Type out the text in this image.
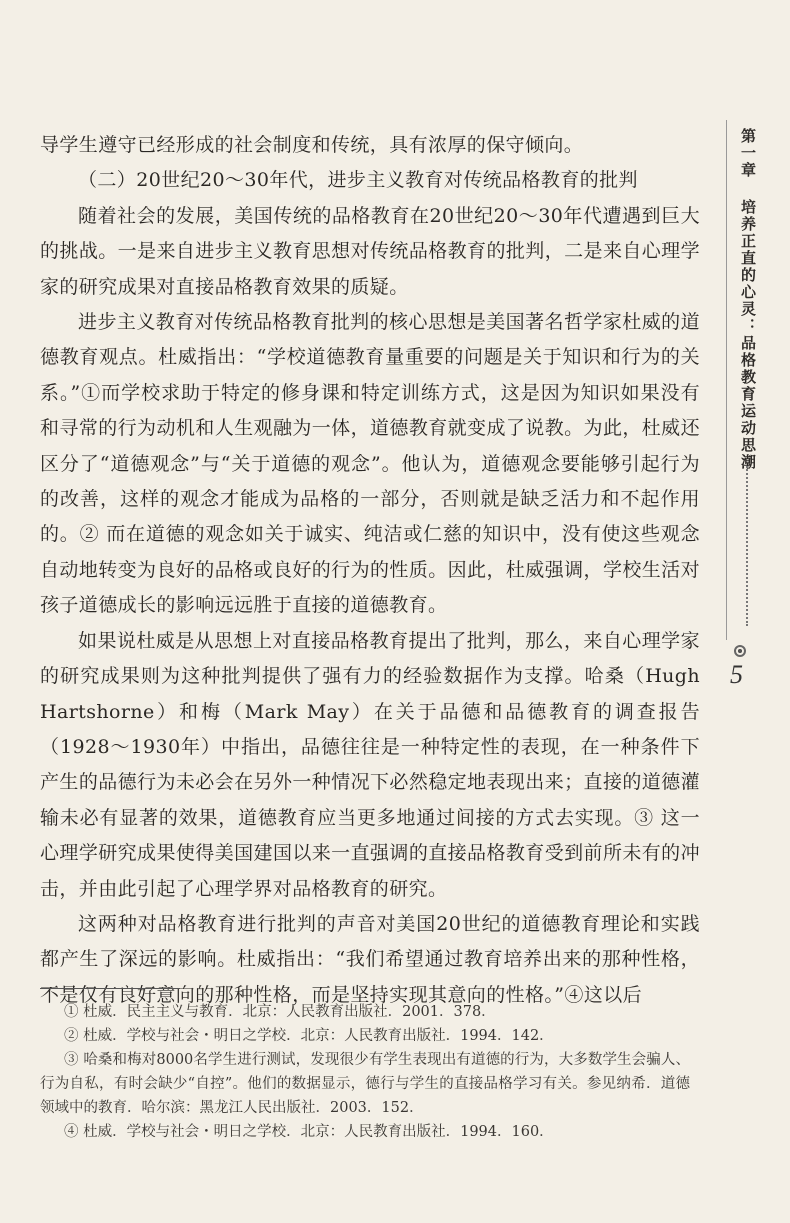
导学生遵守已经形成的社会制度和传统，具有浓厚的保守倾向。

（二）20世纪20～30年代，进步主义教育对传统品格教育的批判

随着社会的发展，美国传统的品格教育在20世纪20～30年代遭遇到巨大的挑战。一是来自进步主义教育思想对传统品格教育的批判，二是来自心理学家的研究成果对直接品格教育效果的质疑。

进步主义教育对传统品格教育批判的核心思想是美国著名哲学家杜威的道德教育观点。杜威指出：“学校道德教育量重要的问题是关于知识和行为的关系。”①而学校求助于特定的修身课和特定训练方式，这是因为知识如果没有和寻常的行为动机和人生观融为一体，道德教育就变成了说教。为此，杜威还区分了“道德观念”与“关于道德的观念”。他认为，道德观念要能够引起行为的改善，这样的观念才能成为品格的一部分，否则就是缺乏活力和不起作用的。② 而在道德的观念如关于诚实、纯洁或仁慈的知识中，没有使这些观念自动地转变为良好的品格或良好的行为的性质。因此，杜威强调，学校生活对孩子道德成长的影响远远胜于直接的道德教育。

如果说杜威是从思想上对直接品格教育提出了批判，那么，来自心理学家的研究成果则为这种批判提供了强有力的经验数据作为支撑。哈桑（Hugh Hartshorne）和梅（Mark May）在关于品德和品德教育的调查报告（1928～1930年）中指出，品德往往是一种特定性的表现，在一种条件下产生的品德行为未必会在另外一种情况下必然稳定地表现出来；直接的道德灌输未必有显著的效果，道德教育应当更多地通过间接的方式去实现。③ 这一心理学研究成果使得美国建国以来一直强调的直接品格教育受到前所未有的冲击，并由此引起了心理学界对品格教育的研究。

这两种对品格教育进行批判的声音对美国20世纪的道德教育理论和实践都产生了深远的影响。杜威指出：“我们希望通过教育培养出来的那种性格，不是仅有良好意向的那种性格，而是坚持实现其意向的性格。”④这以后

① 杜威．民主主义与教育．北京：人民教育出版社．2001．378．

② 杜威．学校与社会・明日之学校．北京：人民教育出版社．1994．142．

③ 哈桑和梅对8000名学生进行测试，发现很少有学生表现出有道德的行为，大多数学生会骗人、行为自私，有时会缺少“自控”。他们的数据显示，德行与学生的直接品格学习有关。参见纳希．道德领域中的教育．哈尔滨：黑龙江人民出版社．2003．152．

④ 杜威．学校与社会・明日之学校．北京：人民教育出版社．1994．160．

第一章 培养正直的心灵：品格教育运动思潮
5
